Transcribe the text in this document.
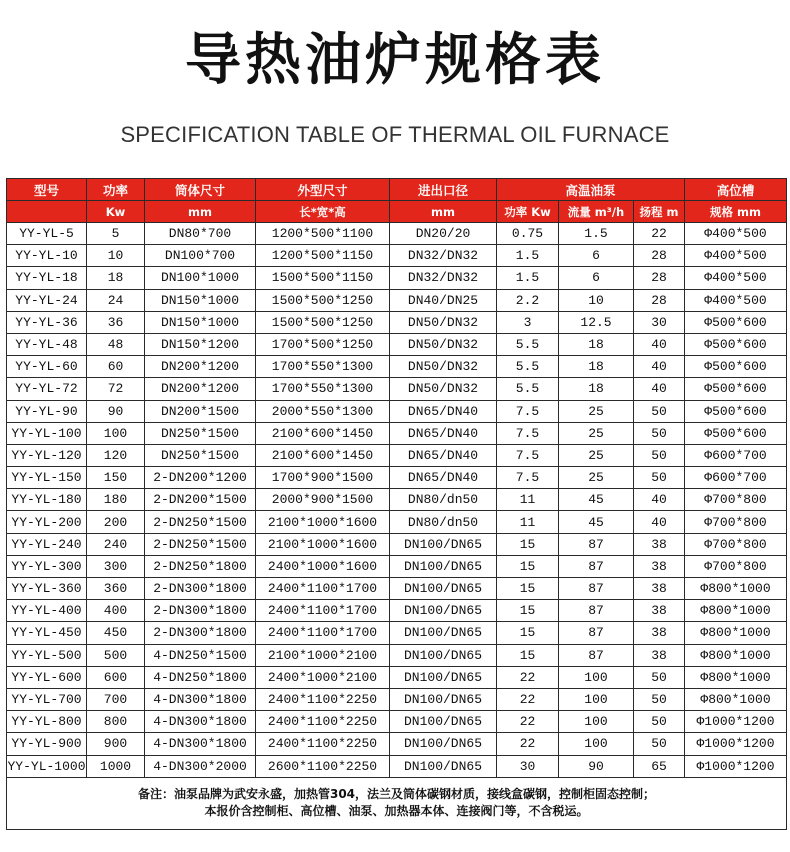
导热油炉规格表
SPECIFICATION TABLE OF THERMAL OIL FURNACE
型号	功率	筒体尺寸	外型尺寸	进出口径	高温油泵			高位槽
	Kw	mm	长*宽*高	mm	功率 Kw	流量 m³/h	扬程 m	规格 mm
YY-YL-5	5	DN80*700	1200*500*1100	DN20/20	0.75	1.5	22	Φ400*500
YY-YL-10	10	DN100*700	1200*500*1150	DN32/DN32	1.5	6	28	Φ400*500
YY-YL-18	18	DN100*1000	1500*500*1150	DN32/DN32	1.5	6	28	Φ400*500
YY-YL-24	24	DN150*1000	1500*500*1250	DN40/DN25	2.2	10	28	Φ400*500
YY-YL-36	36	DN150*1000	1500*500*1250	DN50/DN32	3	12.5	30	Φ500*600
YY-YL-48	48	DN150*1200	1700*500*1250	DN50/DN32	5.5	18	40	Φ500*600
YY-YL-60	60	DN200*1200	1700*550*1300	DN50/DN32	5.5	18	40	Φ500*600
YY-YL-72	72	DN200*1200	1700*550*1300	DN50/DN32	5.5	18	40	Φ500*600
YY-YL-90	90	DN200*1500	2000*550*1300	DN65/DN40	7.5	25	50	Φ500*600
YY-YL-100	100	DN250*1500	2100*600*1450	DN65/DN40	7.5	25	50	Φ500*600
YY-YL-120	120	DN250*1500	2100*600*1450	DN65/DN40	7.5	25	50	Φ600*700
YY-YL-150	150	2-DN200*1200	1700*900*1500	DN65/DN40	7.5	25	50	Φ600*700
YY-YL-180	180	2-DN200*1500	2000*900*1500	DN80/dn50	11	45	40	Φ700*800
YY-YL-200	200	2-DN250*1500	2100*1000*1600	DN80/dn50	11	45	40	Φ700*800
YY-YL-240	240	2-DN250*1500	2100*1000*1600	DN100/DN65	15	87	38	Φ700*800
YY-YL-300	300	2-DN250*1800	2400*1000*1600	DN100/DN65	15	87	38	Φ700*800
YY-YL-360	360	2-DN300*1800	2400*1100*1700	DN100/DN65	15	87	38	Φ800*1000
YY-YL-400	400	2-DN300*1800	2400*1100*1700	DN100/DN65	15	87	38	Φ800*1000
YY-YL-450	450	2-DN300*1800	2400*1100*1700	DN100/DN65	15	87	38	Φ800*1000
YY-YL-500	500	4-DN250*1500	2100*1000*2100	DN100/DN65	15	87	38	Φ800*1000
YY-YL-600	600	4-DN250*1800	2400*1000*2100	DN100/DN65	22	100	50	Φ800*1000
YY-YL-700	700	4-DN300*1800	2400*1100*2250	DN100/DN65	22	100	50	Φ800*1000
YY-YL-800	800	4-DN300*1800	2400*1100*2250	DN100/DN65	22	100	50	Φ1000*1200
YY-YL-900	900	4-DN300*1800	2400*1100*2250	DN100/DN65	22	100	50	Φ1000*1200
YY-YL-1000	1000	4-DN300*2000	2600*1100*2250	DN100/DN65	30	90	65	Φ1000*1200

备注：油泵品牌为武安永盛，加热管304，法兰及筒体碳钢材质，接线盒碳钢，控制柜固态控制；
本报价含控制柜、高位槽、油泵、加热器本体、连接阀门等，不含税运。								
